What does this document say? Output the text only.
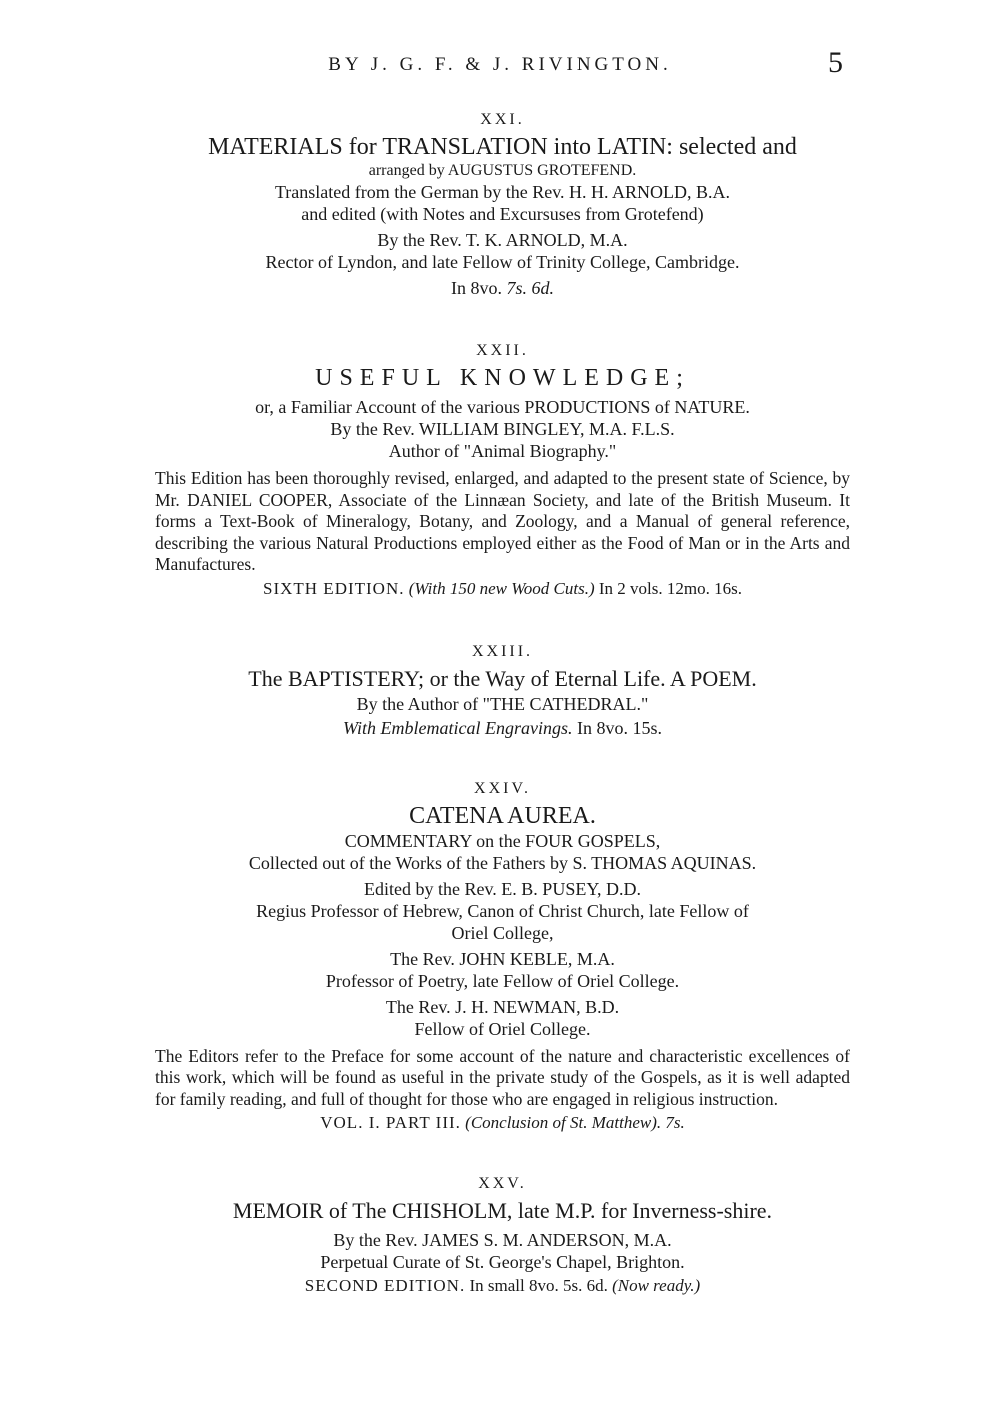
BY J. G. F. & J. RIVINGTON.	5
XXI.
MATERIALS for TRANSLATION into LATIN: selected and
arranged by AUGUSTUS GROTEFEND.
Translated from the German by the Rev. H. H. ARNOLD, B.A.
and edited (with Notes and Excursuses from Grotefend)
By the Rev. T. K. ARNOLD, M.A.
Rector of Lyndon, and late Fellow of Trinity College, Cambridge.
In 8vo. 7s. 6d.
XXII.
USEFUL KNOWLEDGE;
or, a Familiar Account of the various PRODUCTIONS of NATURE.
By the Rev. WILLIAM BINGLEY, M.A. F.L.S.
Author of "Animal Biography."
This Edition has been thoroughly revised, enlarged, and adapted to the present state of Science, by Mr. DANIEL COOPER, Associate of the Linnæan Society, and late of the British Museum. It forms a Text-Book of Mineralogy, Botany, and Zoology, and a Manual of general reference, describing the various Natural Productions employed either as the Food of Man or in the Arts and Manufactures.
SIXTH EDITION. (With 150 new Wood Cuts.) In 2 vols. 12mo. 16s.
XXIII.
The BAPTISTERY; or the Way of Eternal Life. A POEM.
By the Author of "THE CATHEDRAL."
With Emblematical Engravings. In 8vo. 15s.
XXIV.
CATENA AUREA.
COMMENTARY on the FOUR GOSPELS,
Collected out of the Works of the Fathers by S. THOMAS AQUINAS.
Edited by the Rev. E. B. PUSEY, D.D.
Regius Professor of Hebrew, Canon of Christ Church, late Fellow of
Oriel College,
The Rev. JOHN KEBLE, M.A.
Professor of Poetry, late Fellow of Oriel College.
The Rev. J. H. NEWMAN, B.D.
Fellow of Oriel College.
The Editors refer to the Preface for some account of the nature and characteristic excellences of this work, which will be found as useful in the private study of the Gospels, as it is well adapted for family reading, and full of thought for those who are engaged in religious instruction.
VOL. I. PART III. (Conclusion of St. Matthew). 7s.
XXV.
MEMOIR of The CHISHOLM, late M.P. for Inverness-shire.
By the Rev. JAMES S. M. ANDERSON, M.A.
Perpetual Curate of St. George's Chapel, Brighton.
SECOND EDITION. In small 8vo. 5s. 6d. (Now ready.)
